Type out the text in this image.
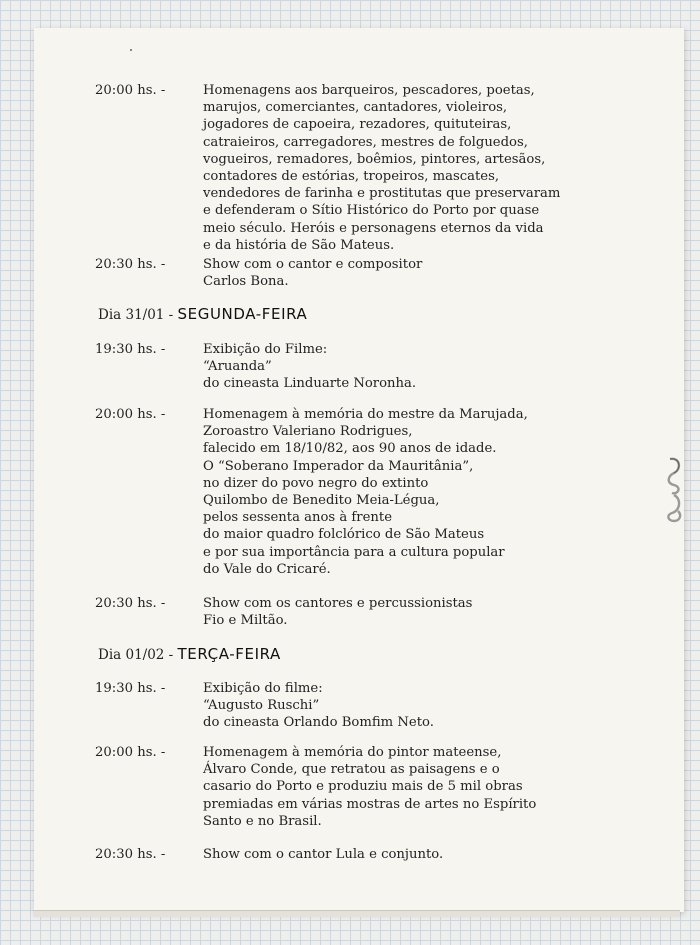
20:00 hs. -	Homenagens aos barqueiros, pescadores, poetas,
marujos, comerciantes, cantadores, violeiros,
jogadores de capoeira, rezadores, quituteiras,
catraieiros, carregadores, mestres de folguedos,
vogueiros, remadores, boêmios, pintores, artesãos,
contadores de estórias, tropeiros, mascates,
vendedores de farinha e prostitutas que preservaram
e defenderam o Sítio Histórico do Porto por quase
meio século. Heróis e personagens eternos da vida
e da história de São Mateus.
20:30 hs. -	Show com o cantor e compositor
Carlos Bona.
Dia 31/01 - SEGUNDA-FEIRA
19:30 hs. -	Exibição do Filme:
“Aruanda”
do cineasta Linduarte Noronha.
20:00 hs. -	Homenagem à memória do mestre da Marujada,
Zoroastro Valeriano Rodrigues,
falecido em 18/10/82, aos 90 anos de idade.
O “Soberano Imperador da Mauritânia”,
no dizer do povo negro do extinto
Quilombo de Benedito Meia-Légua,
pelos sessenta anos à frente
do maior quadro folclórico de São Mateus
e por sua importância para a cultura popular
do Vale do Cricaré.
20:30 hs. -	Show com os cantores e percussionistas
Fio e Miltão.
Dia 01/02 - TERÇA-FEIRA
19:30 hs. -	Exibição do filme:
“Augusto Ruschi”
do cineasta Orlando Bomfim Neto.
20:00 hs. -	Homenagem à memória do pintor mateense,
Álvaro Conde, que retratou as paisagens e o
casario do Porto e produziu mais de 5 mil obras
premiadas em várias mostras de artes no Espírito
Santo e no Brasil.
20:30 hs. -	Show com o cantor Lula e conjunto.
